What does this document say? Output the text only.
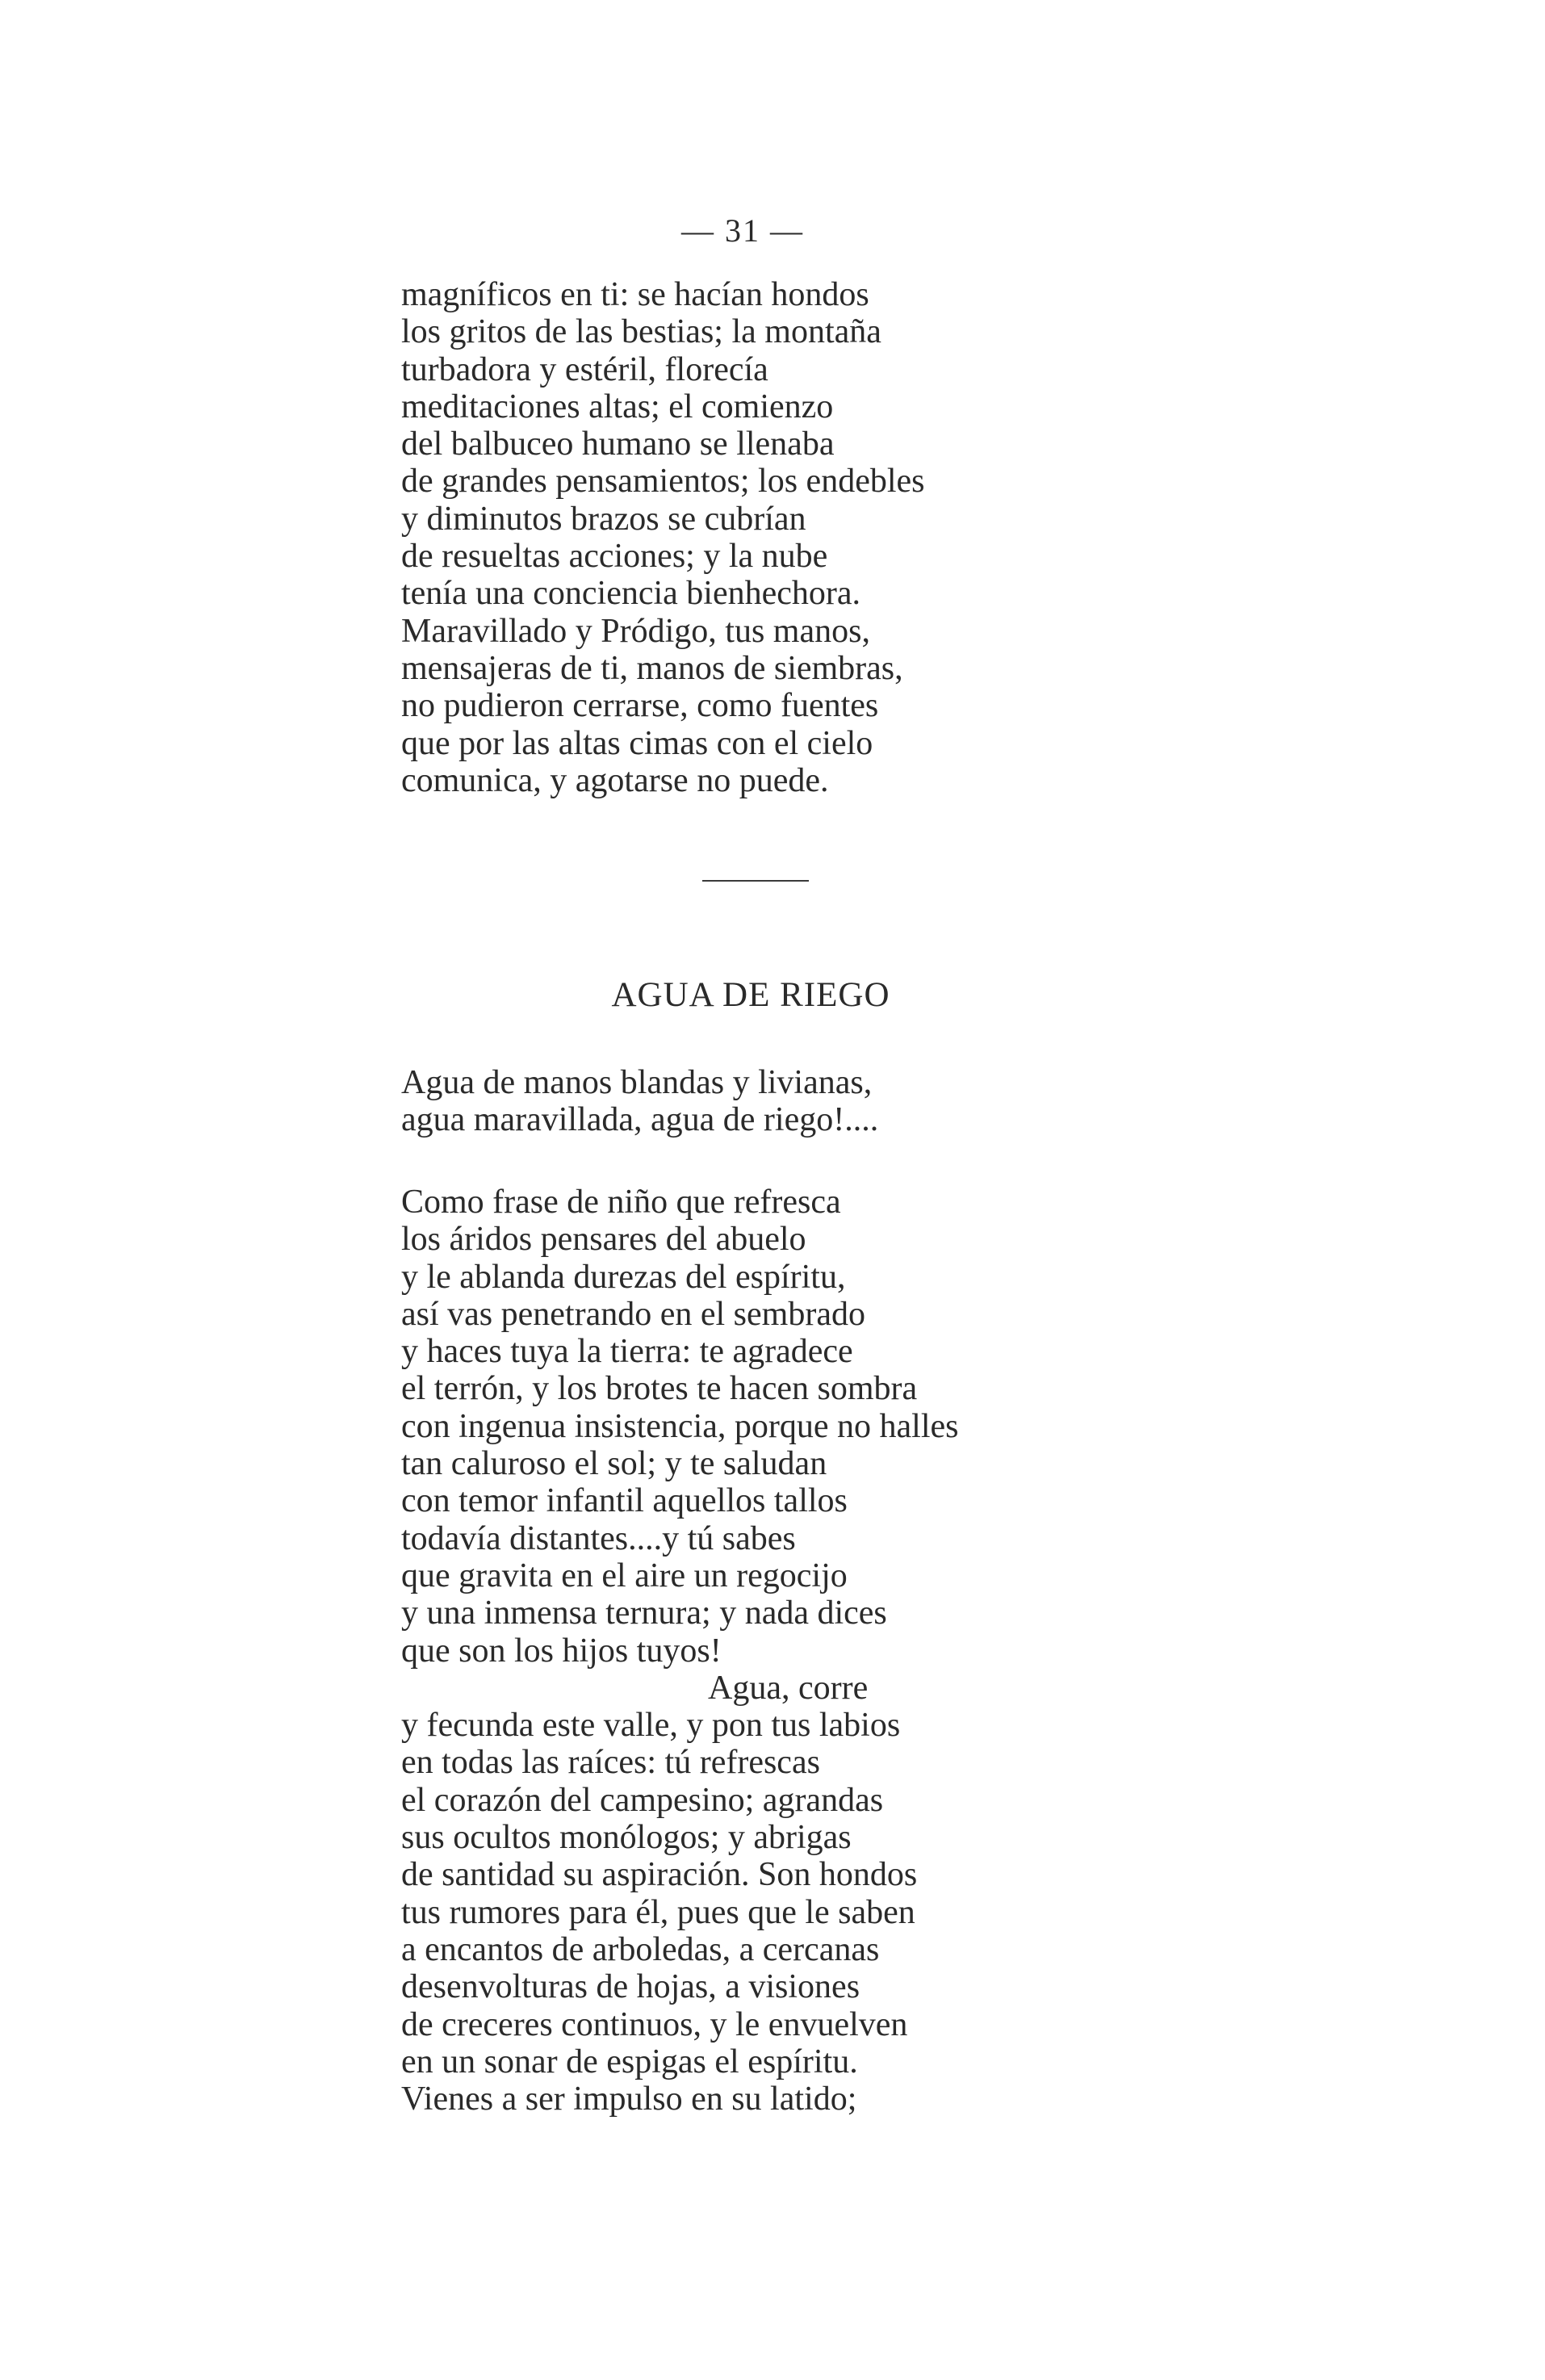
— 31 —
magníficos en ti: se hacían hondos
los gritos de las bestias; la montaña
turbadora y estéril, florecía
meditaciones altas; el comienzo
del balbuceo humano se llenaba
de grandes pensamientos; los endebles
y diminutos brazos se cubrían
de resueltas acciones; y la nube
tenía una conciencia bienhechora.
Maravillado y Pródigo, tus manos,
mensajeras de ti, manos de siembras,
no pudieron cerrarse, como fuentes
que por las altas cimas con el cielo
comunica, y agotarse no puede.
AGUA DE RIEGO
Agua de manos blandas y livianas,
agua maravillada, agua de riego!....
Como frase de niño que refresca
los áridos pensares del abuelo
y le ablanda durezas del espíritu,
así vas penetrando en el sembrado
y haces tuya la tierra: te agradece
el terrón, y los brotes te hacen sombra
con ingenua insistencia, porque no halles
tan caluroso el sol; y te saludan
con temor infantil aquellos tallos
todavía distantes....y tú sabes
que gravita en el aire un regocijo
y una inmensa ternura; y nada dices
que son los hijos tuyos!
Agua, corre
y fecunda este valle, y pon tus labios
en todas las raíces: tú refrescas
el corazón del campesino; agrandas
sus ocultos monólogos; y abrigas
de santidad su aspiración. Son hondos
tus rumores para él, pues que le saben
a encantos de arboledas, a cercanas
desenvolturas de hojas, a visiones
de creceres continuos, y le envuelven
en un sonar de espigas el espíritu.
Vienes a ser impulso en su latido;
